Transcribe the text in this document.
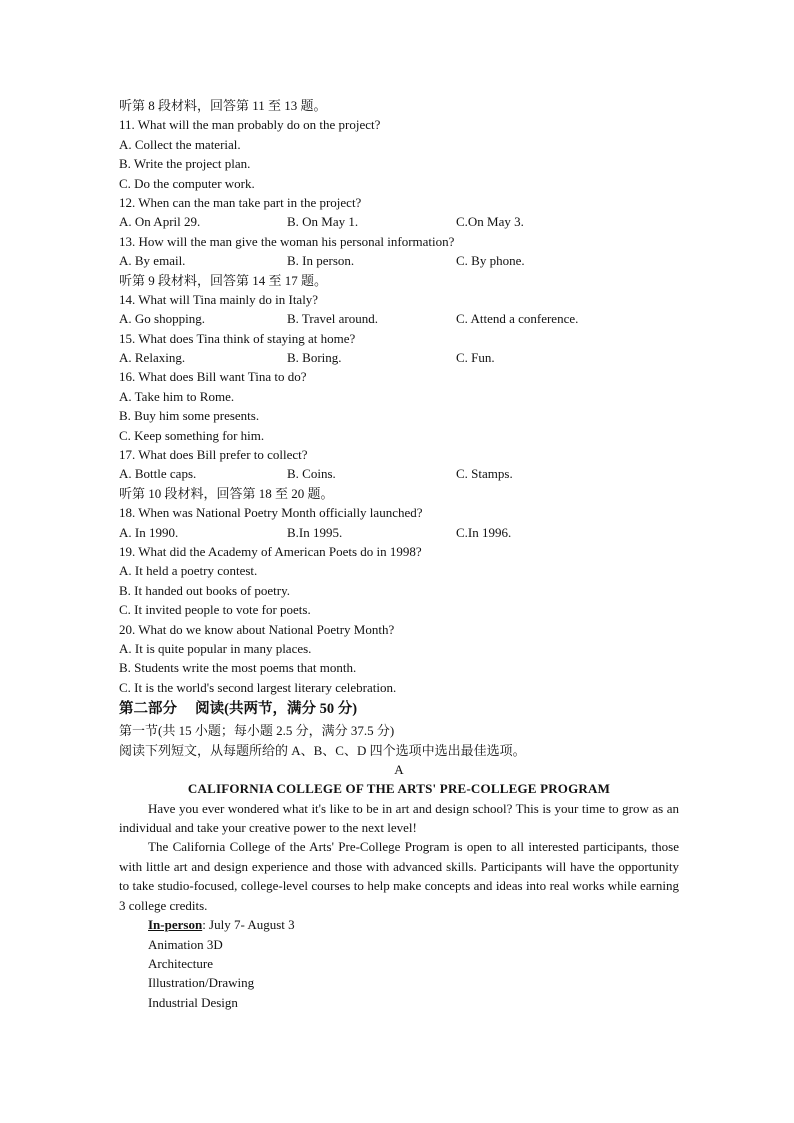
听第 8 段材料，回答第 11 至 13 题。
11. What will the man probably do on the project?
A. Collect the material.
B. Write the project plan.
C. Do the computer work.
12. When can the man take part in the project?
A. On April 29.	B. On May 1.	C.On May 3.
13. How will the man give the woman his personal information?
A. By email.	B. In person.	C. By phone.
听第 9 段材料，回答第 14 至 17 题。
14. What will Tina mainly do in Italy?
A. Go shopping.	B. Travel around.	C. Attend a conference.
15. What does Tina think of staying at home?
A. Relaxing.	B. Boring.	C. Fun.
16. What does Bill want Tina to do?
A. Take him to Rome.
B. Buy him some presents.
C. Keep something for him.
17. What does Bill prefer to collect?
A. Bottle caps.	B. Coins.	C. Stamps.
听第 10 段材料，回答第 18 至 20 题。
18. When was National Poetry Month officially launched?
A. In 1990.	B.In 1995.	C.In 1996.
19. What did the Academy of American Poets do in 1998?
A. It held a poetry contest.
B. It handed out books of poetry.
C. It invited people to vote for poets.
20. What do we know about National Poetry Month?
A. It is quite popular in many places.
B. Students write the most poems that month.
C. It is the world's second largest literary celebration.
第二部分　 阅读(共两节，满分 50 分)
第一节(共 15 小题；每小题 2.5 分，满分 37.5 分)
阅读下列短文，从每题所给的 A、B、C、D 四个选项中选出最佳选项。
A
CALIFORNIA COLLEGE OF THE ARTS' PRE-COLLEGE PROGRAM

Have you ever wondered what it's like to be in art and design school? This is your time to grow as an individual and take your creative power to the next level!

The California College of the Arts' Pre-College Program is open to all interested participants, those with little art and design experience and those with advanced skills. Participants will have the opportunity to take studio-focused, college-level courses to help make concepts and ideas into real works while earning 3 college credits.

In-person: July 7- August 3
Animation 3D
Architecture
Illustration/Drawing
Industrial Design
